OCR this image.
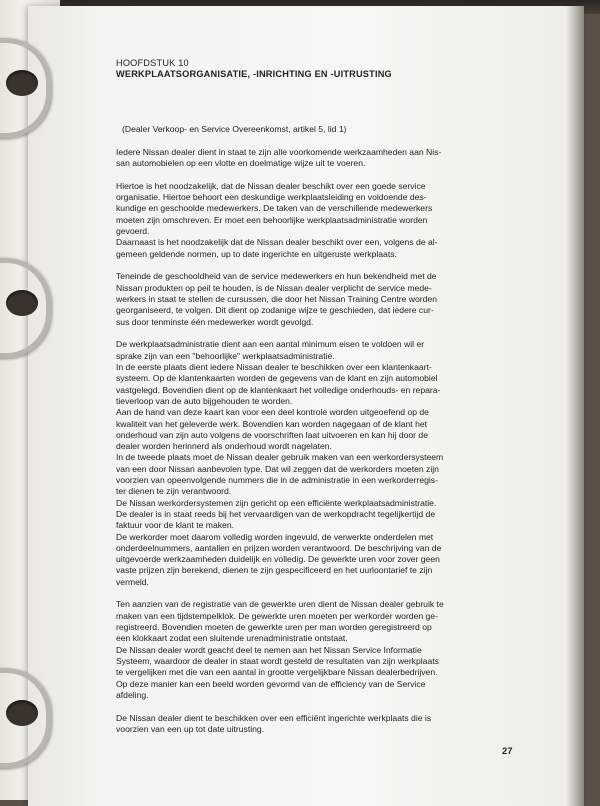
HOOFDSTUK 10
WERKPLAATSORGANISATIE, -INRICHTING EN -UITRUSTING

(Dealer Verkoop- en Service Overeenkomst, artikel 5, lid 1)

Iedere Nissan dealer dient in staat te zijn alle voorkomende werkzaamheden aan Nis-
san automobielen op een vlotte en doelmatige wijze uit te voeren.

Hiertoe is het noodzakelijk, dat de Nissan dealer beschikt over een goede service
organisatie. Hiertoe behoort een deskundige werkplaatsleiding en voldoende des-
kundige en geschoolde medewerkers. De taken van de verschillende medewerkers
moeten zijn omschreven. Er moet een behoorlijke werkplaatsadministratie worden
gevoerd.
Daarnaast is het noodzakelijk dat de Nissan dealer beschikt over een, volgens de al-
gemeen geldende normen, up to date ingerichte en uitgeruste werkplaats.

Teneinde de geschooldheid van de service medewerkers en hun bekendheid met de
Nissan produkten op peil te houden, is de Nissan dealer verplicht de service mede-
werkers in staat te stellen de cursussen, die door het Nissan Training Centre worden
georganiseerd, te volgen. Dit dient op zodanige wijze te geschieden, dat iedere cur-
sus door tenminste één medewerker wordt gevolgd.

De werkplaatsadministratie dient aan een aantal minimum eisen te voldoen wil er
sprake zijn van een "behoorlijke" werkplaatsadministratie.
In de eerste plaats dient iedere Nissan dealer te beschikken over een klantenkaart-
systeem. Op de klantenkaarten worden de gegevens van de klant en zijn automobiel
vastgelegd. Bovendien dient op de klantenkaart het volledige onderhouds- en repara-
tieverloop van de auto bijgehouden te worden.
Aan de hand van deze kaart kan voor een deel kontrole worden uitgeoefend op de
kwaliteit van het geleverde werk. Bovendien kan worden nagegaan of de klant het
onderhoud van zijn auto volgens de voorschriften laat uitvoeren en kan hij door de
dealer worden herinnerd als onderhoud wordt nagelaten.
In de tweede plaats moet de Nissan dealer gebruik maken van een werkordersysteem
van een door Nissan aanbevolen type. Dat wil zeggen dat de werkorders moeten zijn
voorzien van opeenvolgende nummers die in de administratie in een werkorderregis-
ter dienen te zijn verantwoord.
De Nissan werkordersystemen zijn gericht op een efficiënte werkplaatsadministratie.
De dealer is in staat reeds bij het vervaardigen van de werkopdracht tegelijkertijd de
faktuur voor de klant te maken.
De werkorder moet daarom volledig worden ingevuld, de verwerkte onderdelen met
onderdeelnummers, aantallen en prijzen worden verantwoord. De beschrijving van de
uitgevoerde werkzaamheden duidelijk en volledig. De gewerkte uren voor zover geen
vaste prijzen zijn berekend, dienen te zijn gespecificeerd en het uurloontarief te zijn
vermeld.

Ten aanzien van de registratie van de gewerkte uren dient de Nissan dealer gebruik te
maken van een tijdstempelklok. De gewerkte uren moeten per werkorder worden ge-
registreerd. Bovendien moeten de gewerkte uren per man worden geregistreerd op
een klokkaart zodat een sluitende urenadministratie ontstaat.
De Nissan dealer wordt geacht deel te nemen aan het Nissan Service Informatie
Systeem, waardoor de dealer in staat wordt gesteld de resultaten van zijn werkplaats
te vergelijken met die van een aantal in grootte vergelijkbare Nissan dealerbedrijven.
Op deze manier kan een beeld worden gevormd van de efficiency van de Service
afdeling.

De Nissan dealer dient te beschikken over een efficiënt ingerichte werkplaats die is
voorzien van een up tot date uitrusting.

27
